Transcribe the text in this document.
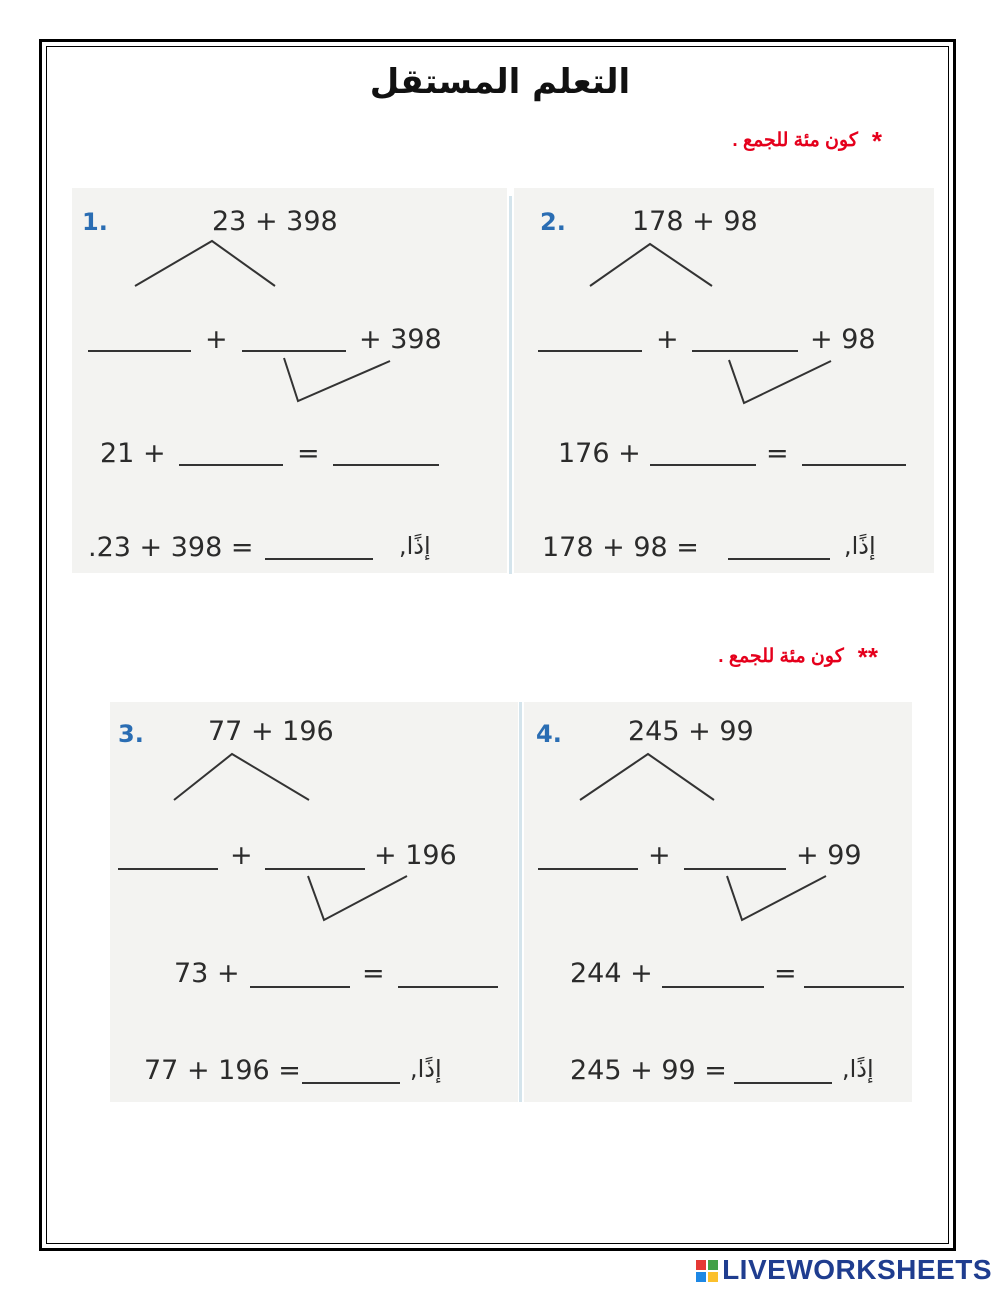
التعلم المستقل
*كون مئة للجمع .
1.	23 + 398
+	+ 398
21 +	=
.23 + 398 =	إذًا,
2. 178 + 98
+	+ 98
176 +	=
178 + 98 =	إذًا,
**كون مئة للجمع .
3. 77 + 196
+	+ 196
73 +	=
77 + 196 =	إذًا,
4. 245 + 99
+	+ 99
244 +	=
245 + 99 =	إذًا,
LIVEWORKSHEETS
